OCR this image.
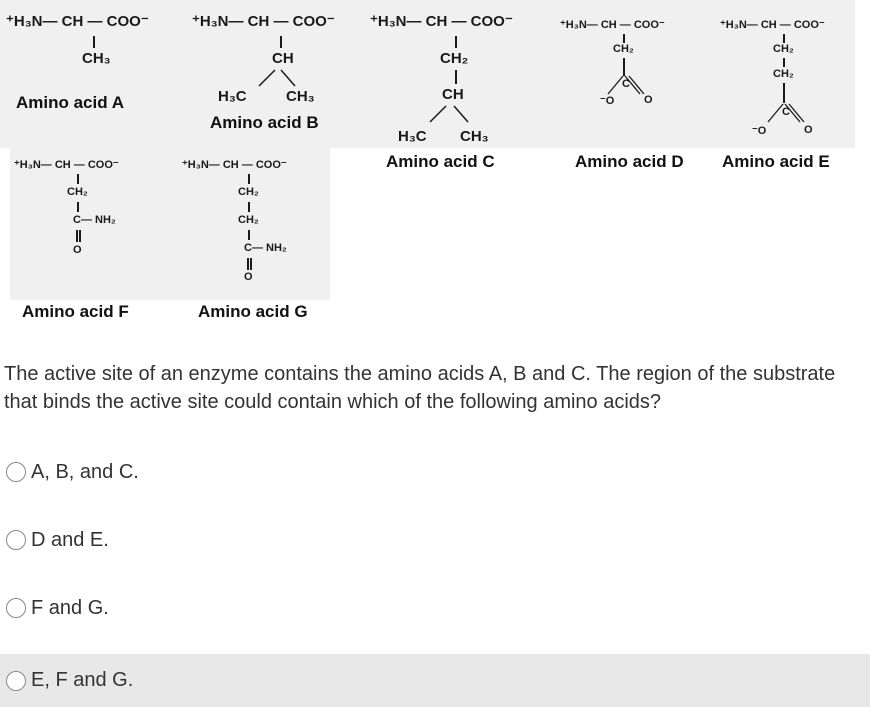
⁺H₃N— CH — COO⁻
CH₃
Amino acid A
⁺H₃N— CH — COO⁻
CH
H₃C	CH₃
Amino acid B
⁺H₃N— CH — COO⁻
CH₂
CH
H₃C CH₃
Amino acid C
⁺H₃N— CH — COO⁻
CH₂
C
⁻O	O
Amino acid D
⁺H₃N— CH — COO⁻
CH₂
CH₂
C
⁻O	O
Amino acid E
⁺H₃N— CH — COO⁻
CH₂
C— NH₂
O
Amino acid F
⁺H₃N— CH — COO⁻
CH₂
CH₂
C— NH₂
O
Amino acid G
The active site of an enzyme contains the amino acids A, B and C. The region of the substrate that binds the active site could contain which of the following amino acids?
A, B, and C.
D and E.
F and G.
E, F and G.
